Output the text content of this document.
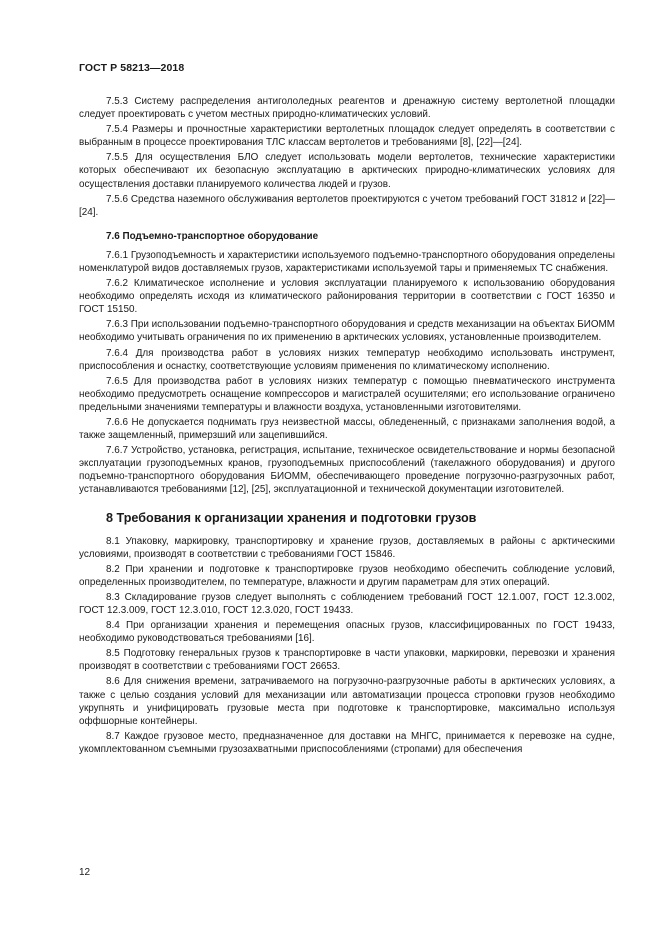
ГОСТ Р 58213—2018

7.5.3 Систему распределения антигололедных реагентов и дренажную систему вертолетной площадки следует проектировать с учетом местных природно-климатических условий.

7.5.4 Размеры и прочностные характеристики вертолетных площадок следует определять в соответствии с выбранным в процессе проектирования ТЛС классам вертолетов и требованиями [8], [22]—[24].

7.5.5 Для осуществления БЛО следует использовать модели вертолетов, технические характеристики которых обеспечивают их безопасную эксплуатацию в арктических природно-климатических условиях для осуществления доставки планируемого количества людей и грузов.

7.5.6 Средства наземного обслуживания вертолетов проектируются с учетом требований ГОСТ 31812 и [22]—[24].

7.6 Подъемно-транспортное оборудование

7.6.1 Грузоподъемность и характеристики используемого подъемно-транспортного оборудования определены номенклатурой видов доставляемых грузов, характеристиками используемой тары и применяемых ТС снабжения.

7.6.2 Климатическое исполнение и условия эксплуатации планируемого к использованию оборудования необходимо определять исходя из климатического районирования территории в соответствии с ГОСТ 16350 и ГОСТ 15150.

7.6.3 При использовании подъемно-транспортного оборудования и средств механизации на объектах БИОММ необходимо учитывать ограничения по их применению в арктических условиях, установленные производителем.

7.6.4 Для производства работ в условиях низких температур необходимо использовать инструмент, приспособления и оснастку, соответствующие условиям применения по климатическому исполнению.

7.6.5 Для производства работ в условиях низких температур с помощью пневматического инструмента необходимо предусмотреть оснащение компрессоров и магистралей осушителями; его использование ограничено предельными значениями температуры и влажности воздуха, установленными изготовителями.

7.6.6 Не допускается поднимать груз неизвестной массы, обледененный, с признаками заполнения водой, а также защемленный, примерзший или зацепившийся.

7.6.7 Устройство, установка, регистрация, испытание, техническое освидетельствование и нормы безопасной эксплуатации грузоподъемных кранов, грузоподъемных приспособлений (такелажного оборудования) и другого подъемно-транспортного оборудования БИОММ, обеспечивающего проведение погрузочно-разгрузочных работ, устанавливаются требованиями [12], [25], эксплуатационной и технической документации изготовителей.

8 Требования к организации хранения и подготовки грузов

8.1 Упаковку, маркировку, транспортировку и хранение грузов, доставляемых в районы с арктическими условиями, производят в соответствии с требованиями ГОСТ 15846.

8.2 При хранении и подготовке к транспортировке грузов необходимо обеспечить соблюдение условий, определенных производителем, по температуре, влажности и другим параметрам для этих операций.

8.3 Складирование грузов следует выполнять с соблюдением требований ГОСТ 12.1.007, ГОСТ 12.3.002, ГОСТ 12.3.009, ГОСТ 12.3.010, ГОСТ 12.3.020, ГОСТ 19433.

8.4 При организации хранения и перемещения опасных грузов, классифицированных по ГОСТ 19433, необходимо руководствоваться требованиями [16].

8.5 Подготовку генеральных грузов к транспортировке в части упаковки, маркировки, перевозки и хранения производят в соответствии с требованиями ГОСТ 26653.

8.6 Для снижения времени, затрачиваемого на погрузочно-разгрузочные работы в арктических условиях, а также с целью создания условий для механизации или автоматизации процесса строповки грузов необходимо укрупнять и унифицировать грузовые места при подготовке к транспортировке, максимально используя оффшорные контейнеры.

8.7 Каждое грузовое место, предназначенное для доставки на МНГС, принимается к перевозке на судне, укомплектованном съемными грузозахватными приспособлениями (стропами) для обеспечения

12
